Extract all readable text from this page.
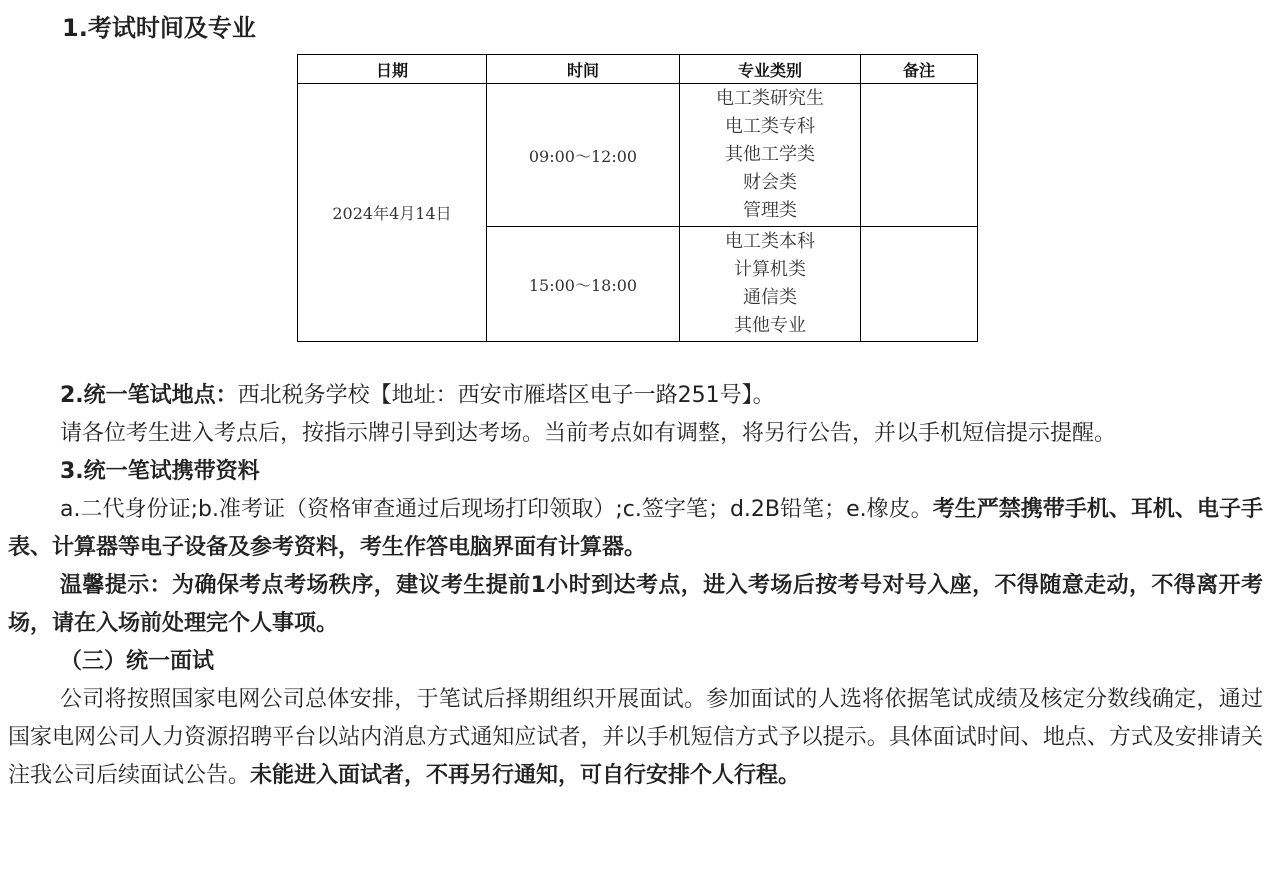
1.考试时间及专业
日期	时间	专业类别	备注
2024年4月14日	09:00～12:00	电工类研究生
电工类专科
其他工学类
财会类
管理类	

	15:00～18:00	电工类本科
计算机类
通信类
其他专业	

2.统一笔试地点：西北税务学校【地址：西安市雁塔区电子一路251号】。

请各位考生进入考点后，按指示牌引导到达考场。当前考点如有调整，将另行公告，并以手机短信提示提醒。

3.统一笔试携带资料

a.二代身份证;b.准考证（资格审查通过后现场打印领取）;c.签字笔；d.2B铅笔；e.橡皮。考生严禁携带手机、耳机、电子手表、计算器等电子设备及参考资料，考生作答电脑界面有计算器。

温馨提示：为确保考点考场秩序，建议考生提前1小时到达考点，进入考场后按考号对号入座，不得随意走动，不得离开考场，请在入场前处理完个人事项。

（三）统一面试

公司将按照国家电网公司总体安排，于笔试后择期组织开展面试。参加面试的人选将依据笔试成绩及核定分数线确定，通过国家电网公司人力资源招聘平台以站内消息方式通知应试者，并以手机短信方式予以提示。具体面试时间、地点、方式及安排请关注我公司后续面试公告。未能进入面试者，不再另行通知，可自行安排个人行程。
